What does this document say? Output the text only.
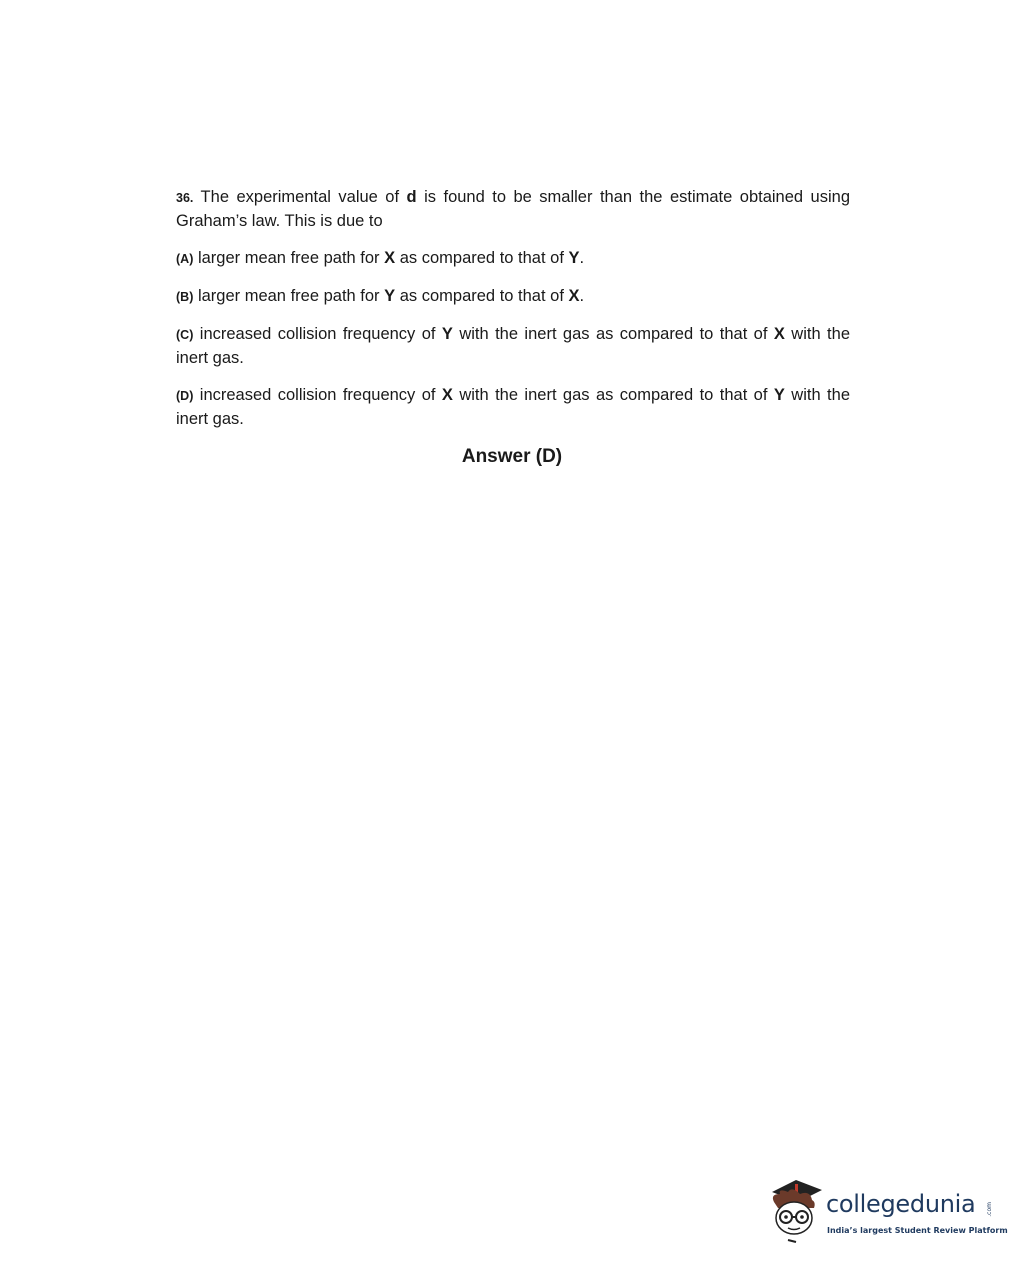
36. The experimental value of d is found to be smaller than the estimate obtained using Graham’s law. This is due to

(A) larger mean free path for X as compared to that of Y.

(B) larger mean free path for Y as compared to that of X.

(C) increased collision frequency of Y with the inert gas as compared to that of X with the inert gas.

(D) increased collision frequency of X with the inert gas as compared to that of Y with the inert gas.

Answer (D)
collegedunia .com
India’s largest Student Review Platform
